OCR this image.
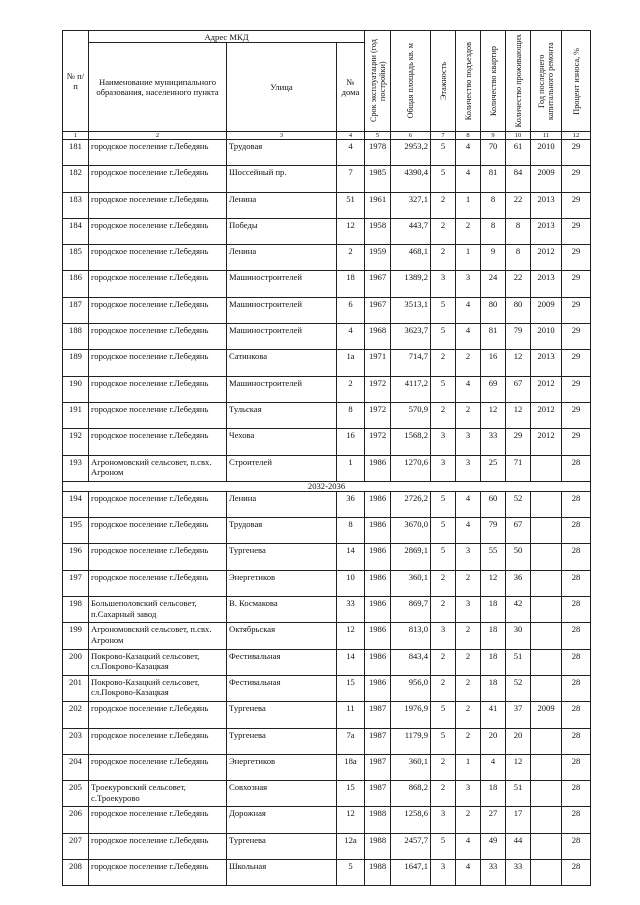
№ п/п	Адрес МКД			Срок эксплуатации (год постройки)	Общая площадь кв. м	Этажность	Количество подъездов	Количество квартир	Количество проживающих	Год последнего капитального ремонта	Процент износа, %

	Наименование муниципального образования, населенного пункта	Улица	№ дома								
1	2	3	4	5	6	7	8	9	10	11	12
181	городское поселение г.Лебедянь	Трудовая	4	1978	2953,2	5	4	70	61	2010	29
182	городское поселение г.Лебедянь	Шоссейный пр.	7	1985	4390,4	5	4	81	84	2009	29
183	городское поселение г.Лебедянь	Ленина	51	1961	327,1	2	1	8	22	2013	29
184	городское поселение г.Лебедянь	Победы	12	1958	443,7	2	2	8	8	2013	29
185	городское поселение г.Лебедянь	Ленина	2	1959	468,1	2	1	9	8	2012	29
186	городское поселение г.Лебедянь	Машиностроителей	18	1967	1389,2	3	3	24	22	2013	29
187	городское поселение г.Лебедянь	Машиностроителей	6	1967	3513,1	5	4	80	80	2009	29
188	городское поселение г.Лебедянь	Машиностроителей	4	1968	3623,7	5	4	81	79	2010	29
189	городское поселение г.Лебедянь	Сатинкова	1а	1971	714,7	2	2	16	12	2013	29
190	городское поселение г.Лебедянь	Машиностроителей	2	1972	4117,2	5	4	69	67	2012	29
191	городское поселение г.Лебедянь	Тульская	8	1972	570,9	2	2	12	12	2012	29
192	городское поселение г.Лебедянь	Чехова	16	1972	1568,2	3	3	33	29	2012	29
193	Агрономовский сельсовет, п.свх. Агроном	Строителей	1	1986	1270,6	3	3	25	71		28
2032-2036											
194	городское поселение г.Лебедянь	Ленина	36	1986	2726,2	5	4	60	52		28
195	городское поселение г.Лебедянь	Трудовая	8	1986	3670,0	5	4	79	67		28
196	городское поселение г.Лебедянь	Тургенева	14	1986	2869,1	5	3	55	50		28
197	городское поселение г.Лебедянь	Энергетиков	10	1986	360,1	2	2	12	36		28
198	Большеполовский сельсовет, п.Сахарный завод	В. Космакова	33	1986	869,7	2	3	18	42		28
199	Агрономовский сельсовет, п.свх. Агроном	Октябрьская	12	1986	813,0	3	2	18	30		28
200	Покрово-Казацкий сельсовет, сл.Покрово-Казацкая	Фестивальная	14	1986	843,4	2	2	18	51		28
201	Покрово-Казацкий сельсовет, сл.Покрово-Казацкая	Фестивальная	15	1986	956,0	2	2	18	52		28
202	городское поселение г.Лебедянь	Тургенева	11	1987	1976,9	5	2	41	37	2009	28
203	городское поселение г.Лебедянь	Тургенева	7а	1987	1179,9	5	2	20	20		28
204	городское поселение г.Лебедянь	Энергетиков	18а	1987	360,1	2	1	4	12		28
205	Троекуровский сельсовет, с.Троекурово	Совхозная	15	1987	868,2	2	3	18	51		28
206	городское поселение г.Лебедянь	Дорожная	12	1988	1258,6	3	2	27	17		28
207	городское поселение г.Лебедянь	Тургенева	12а	1988	2457,7	5	4	49	44		28
208	городское поселение г.Лебедянь	Школьная	5	1988	1647,1	3	4	33	33		28
